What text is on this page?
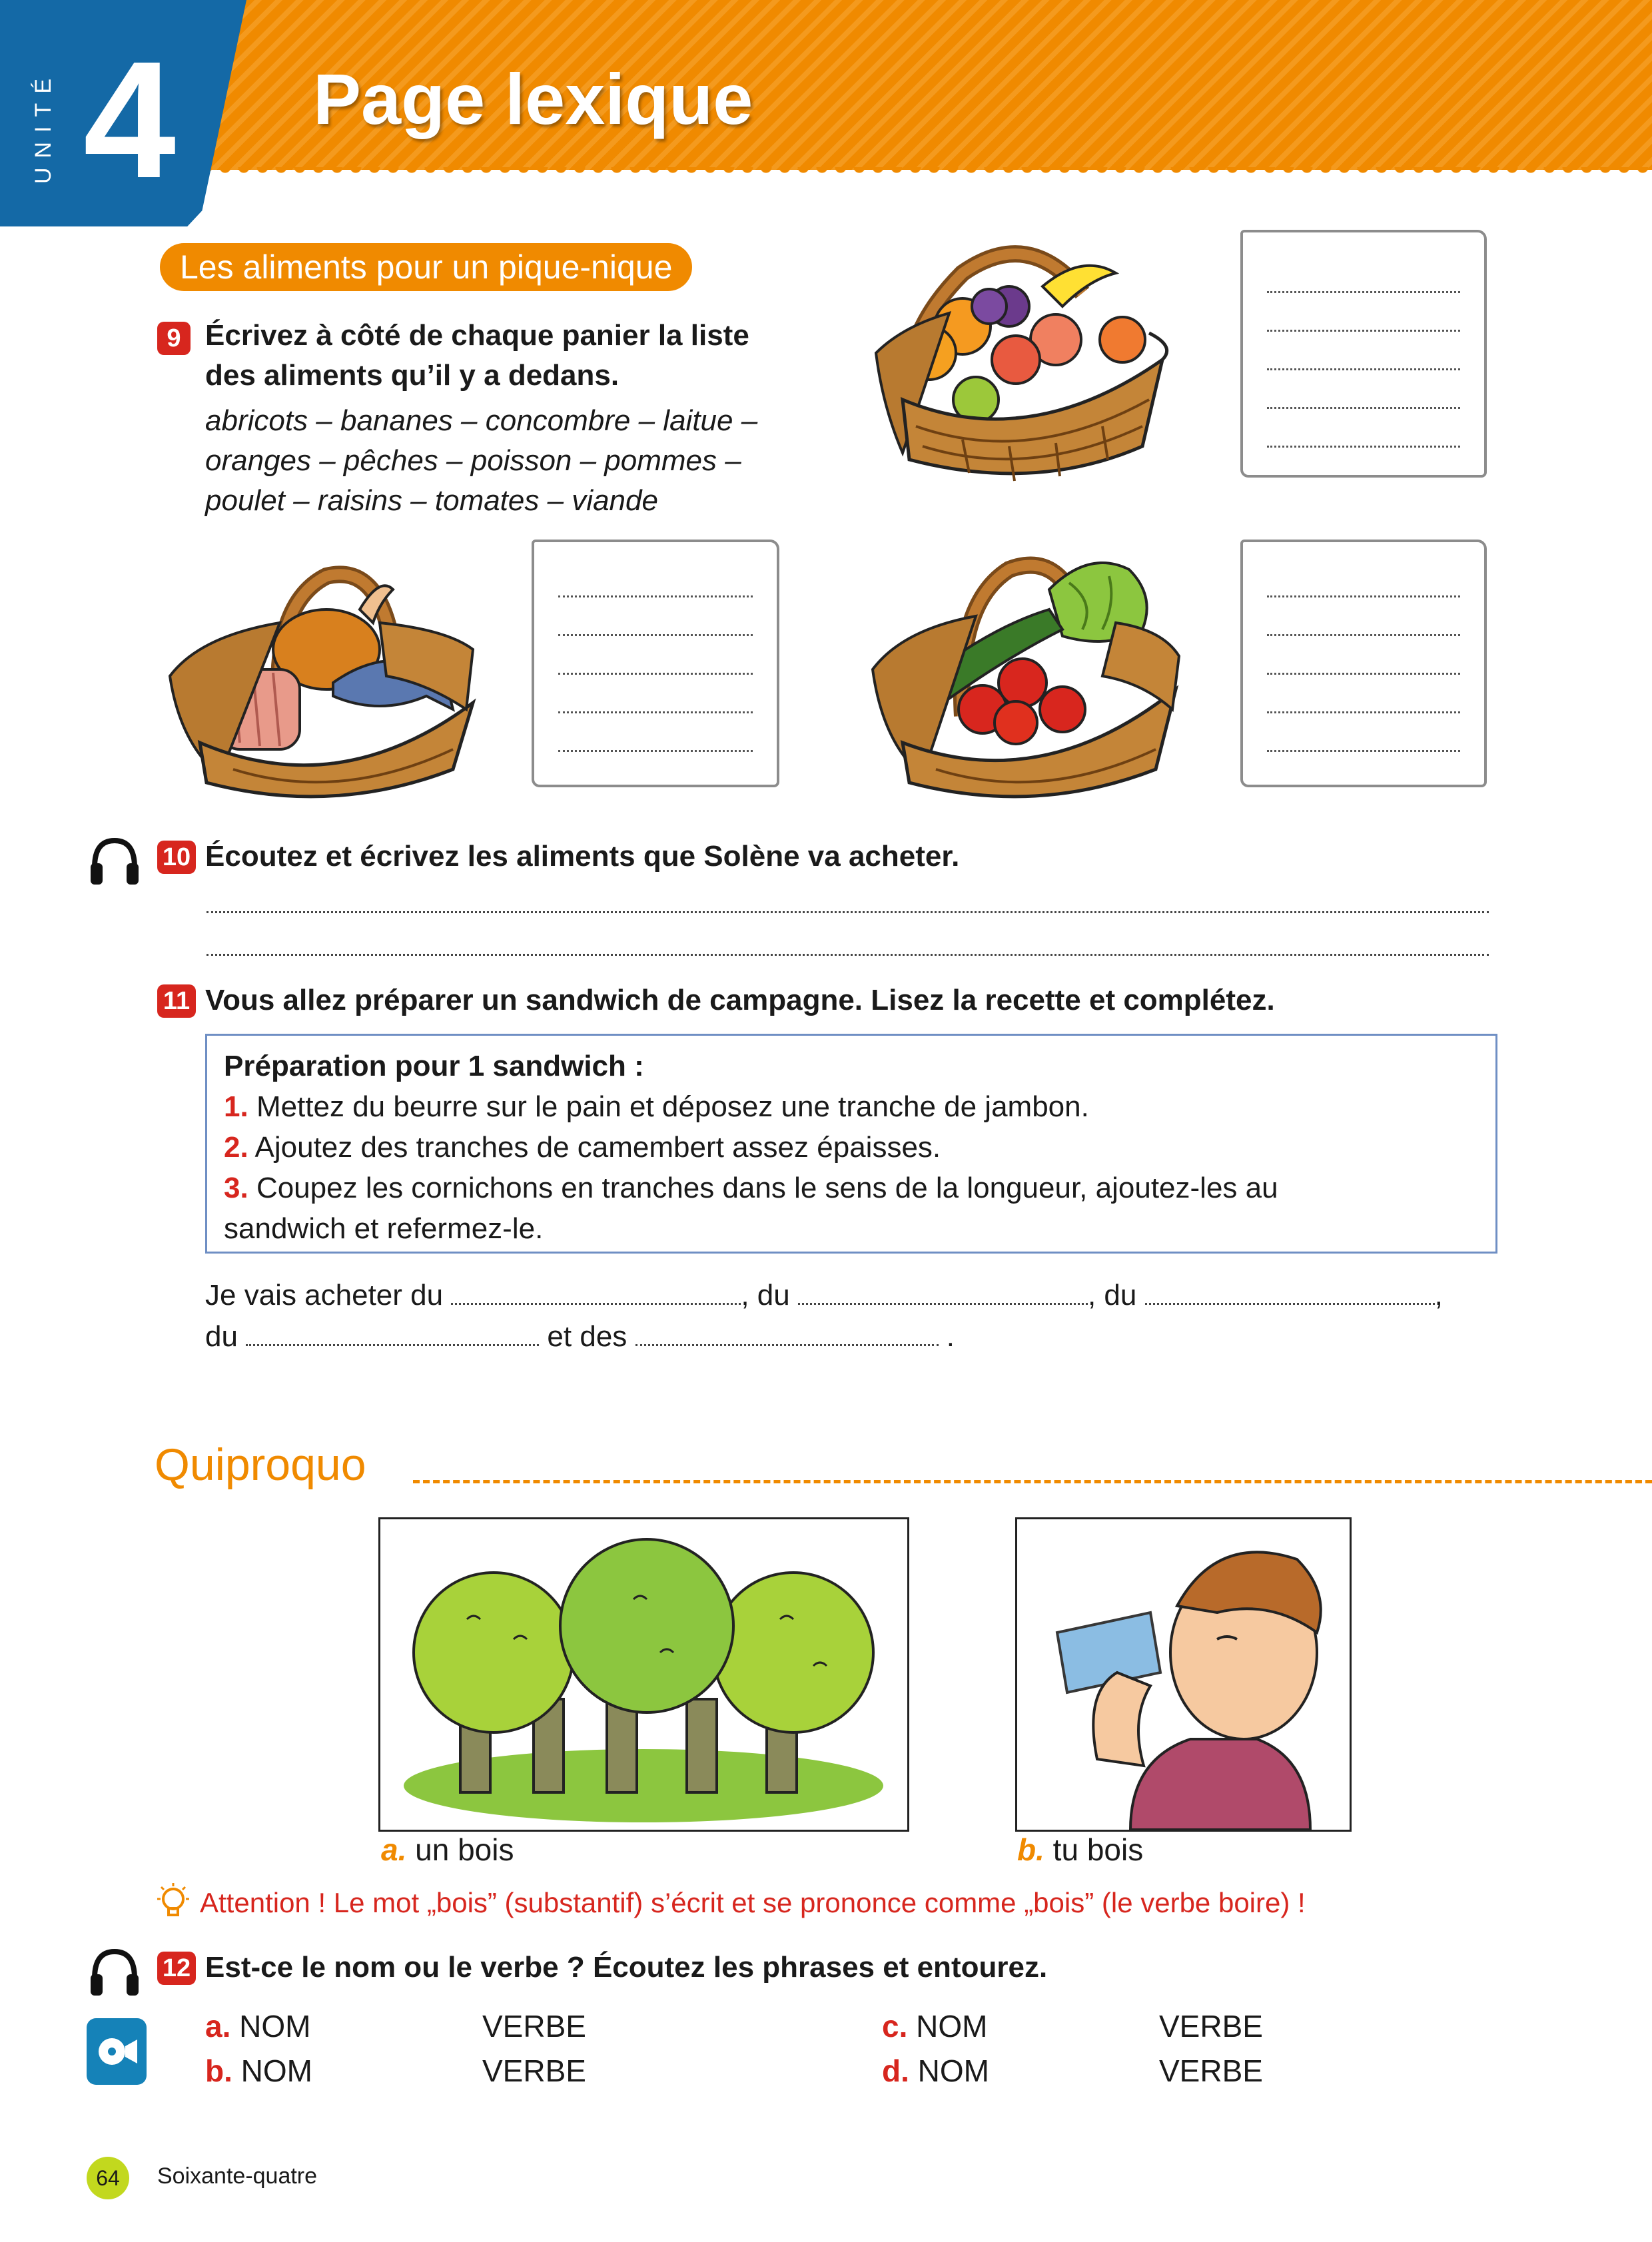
UNITÉ 4 Page lexique
Les aliments pour un pique-nique
9 Écrivez à côté de chaque panier la liste
des aliments qu’il y a dedans.
abricots – bananes – concombre – laitue –
oranges – pêches – poisson – pommes –
poulet – raisins – tomates – viande
10 Écoutez et écrivez les aliments que Solène va acheter.
11 Vous allez préparer un sandwich de campagne. Lisez la recette et complétez.
Préparation pour 1 sandwich :
1. Mettez du beurre sur le pain et déposez une tranche de jambon.
2. Ajoutez des tranches de camembert assez épaisses.
3. Coupez les cornichons en tranches dans le sens de la longueur, ajoutez-les au
sandwich et refermez-le.
Je vais acheter du	, du	, du	,
du	et des	.
Quiproquo
a. un bois	b. tu bois
Attention ! Le mot „bois” (substantif) s’écrit et se prononce comme „bois” (le verbe boire) !
12 Est-ce le nom ou le verbe ? Écoutez les phrases et entourez.
a. NOM	VERBE
b. NOM	VERBE
c. NOM	VERBE
d. NOM	VERBE
64	Soixante-quatre
